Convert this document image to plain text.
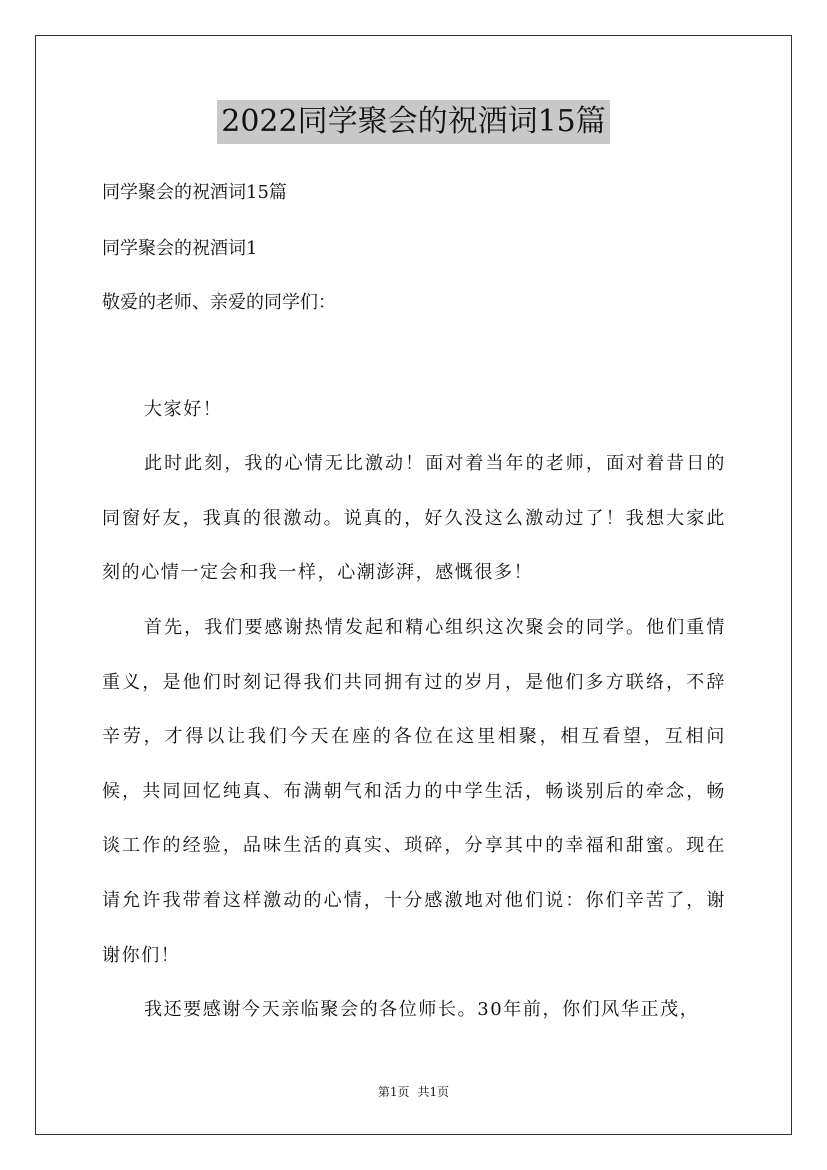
2022同学聚会的祝酒词15篇
同学聚会的祝酒词15篇
同学聚会的祝酒词1
敬爱的老师、亲爱的同学们：
大家好！
此时此刻，我的心情无比激动！面对着当年的老师，面对着昔日的同窗好友，我真的很激动。说真的，好久没这么激动过了！我想大家此刻的心情一定会和我一样，心潮澎湃，感慨很多！
首先，我们要感谢热情发起和精心组织这次聚会的同学。他们重情重义，是他们时刻记得我们共同拥有过的岁月，是他们多方联络，不辞辛劳，才得以让我们今天在座的各位在这里相聚，相互看望，互相问候，共同回忆纯真、布满朝气和活力的中学生活，畅谈别后的牵念，畅谈工作的经验，品味生活的真实、琐碎，分享其中的幸福和甜蜜。现在请允许我带着这样激动的心情，十分感激地对他们说：你们辛苦了，谢谢你们！
我还要感谢今天亲临聚会的各位师长。30年前，你们风华正茂，
第1页 共1页
